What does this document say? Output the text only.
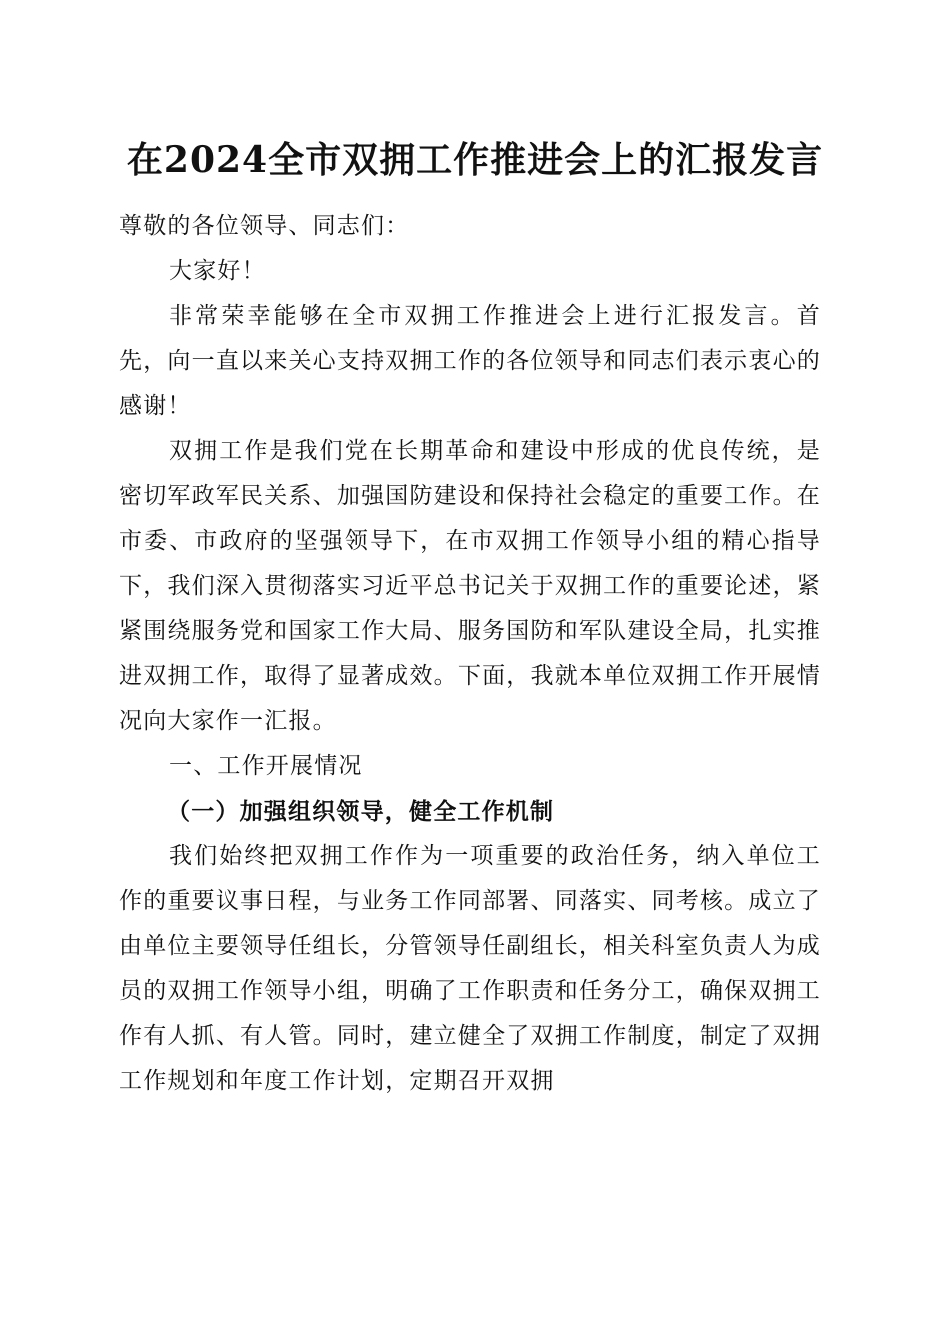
在2024全市双拥工作推进会上的汇报发言

尊敬的各位领导、同志们：

大家好！

非常荣幸能够在全市双拥工作推进会上进行汇报发言。首先，向一直以来关心支持双拥工作的各位领导和同志们表示衷心的感谢！

双拥工作是我们党在长期革命和建设中形成的优良传统，是密切军政军民关系、加强国防建设和保持社会稳定的重要工作。在市委、市政府的坚强领导下，在市双拥工作领导小组的精心指导下，我们深入贯彻落实习近平总书记关于双拥工作的重要论述，紧紧围绕服务党和国家工作大局、服务国防和军队建设全局，扎实推进双拥工作，取得了显著成效。下面，我就本单位双拥工作开展情况向大家作一汇报。

一、工作开展情况

（一）加强组织领导，健全工作机制

我们始终把双拥工作作为一项重要的政治任务，纳入单位工作的重要议事日程，与业务工作同部署、同落实、同考核。成立了由单位主要领导任组长，分管领导任副组长，相关科室负责人为成员的双拥工作领导小组，明确了工作职责和任务分工，确保双拥工作有人抓、有人管。同时，建立健全了双拥工作制度，制定了双拥工作规划和年度工作计划，定期召开双拥
